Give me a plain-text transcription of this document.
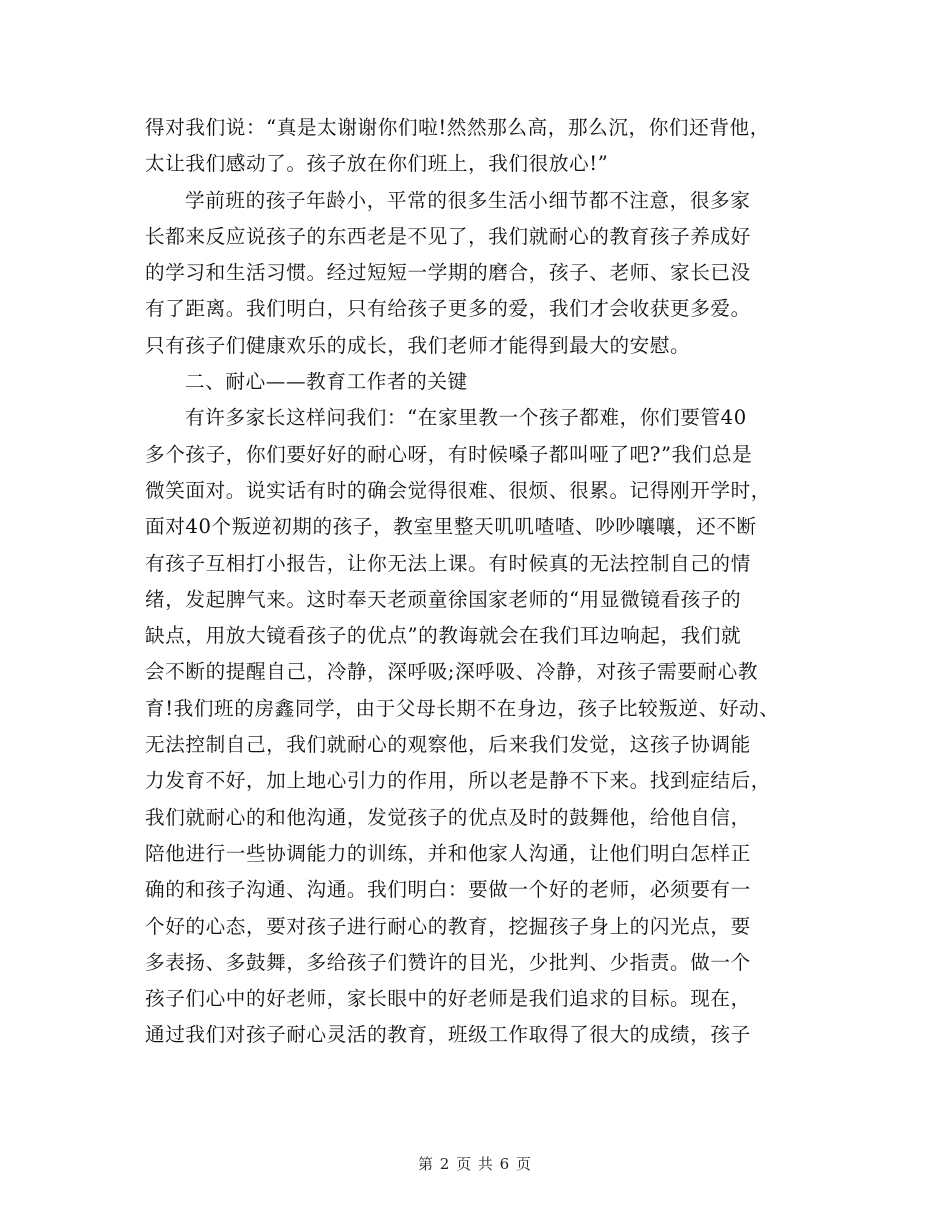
得对我们说：“真是太谢谢你们啦!然然那么高，那么沉，你们还背他，
太让我们感动了。孩子放在你们班上，我们很放心!”
学前班的孩子年龄小，平常的很多生活小细节都不注意，很多家
长都来反应说孩子的东西老是不见了，我们就耐心的教育孩子养成好
的学习和生活习惯。经过短短一学期的磨合，孩子、老师、家长已没
有了距离。我们明白，只有给孩子更多的爱，我们才会收获更多爱。
只有孩子们健康欢乐的成长，我们老师才能得到最大的安慰。
二、耐心——教育工作者的关键
有许多家长这样问我们：“在家里教一个孩子都难，你们要管40
多个孩子，你们要好好的耐心呀，有时候嗓子都叫哑了吧?”我们总是
微笑面对。说实话有时的确会觉得很难、很烦、很累。记得刚开学时，
面对40个叛逆初期的孩子，教室里整天叽叽喳喳、吵吵嚷嚷，还不断
有孩子互相打小报告，让你无法上课。有时候真的无法控制自己的情
绪，发起脾气来。这时奉天老顽童徐国家老师的“用显微镜看孩子的
缺点，用放大镜看孩子的优点”的教诲就会在我们耳边响起，我们就
会不断的提醒自己，冷静，深呼吸;深呼吸、冷静，对孩子需要耐心教
育!我们班的房鑫同学，由于父母长期不在身边，孩子比较叛逆、好动、
无法控制自己，我们就耐心的观察他，后来我们发觉，这孩子协调能
力发育不好，加上地心引力的作用，所以老是静不下来。找到症结后，
我们就耐心的和他沟通，发觉孩子的优点及时的鼓舞他，给他自信，
陪他进行一些协调能力的训练，并和他家人沟通，让他们明白怎样正
确的和孩子沟通、沟通。我们明白：要做一个好的老师，必须要有一
个好的心态，要对孩子进行耐心的教育，挖掘孩子身上的闪光点，要
多表扬、多鼓舞，多给孩子们赞许的目光，少批判、少指责。做一个
孩子们心中的好老师，家长眼中的好老师是我们追求的目标。现在，
通过我们对孩子耐心灵活的教育，班级工作取得了很大的成绩，孩子
第 2 页 共 6 页
